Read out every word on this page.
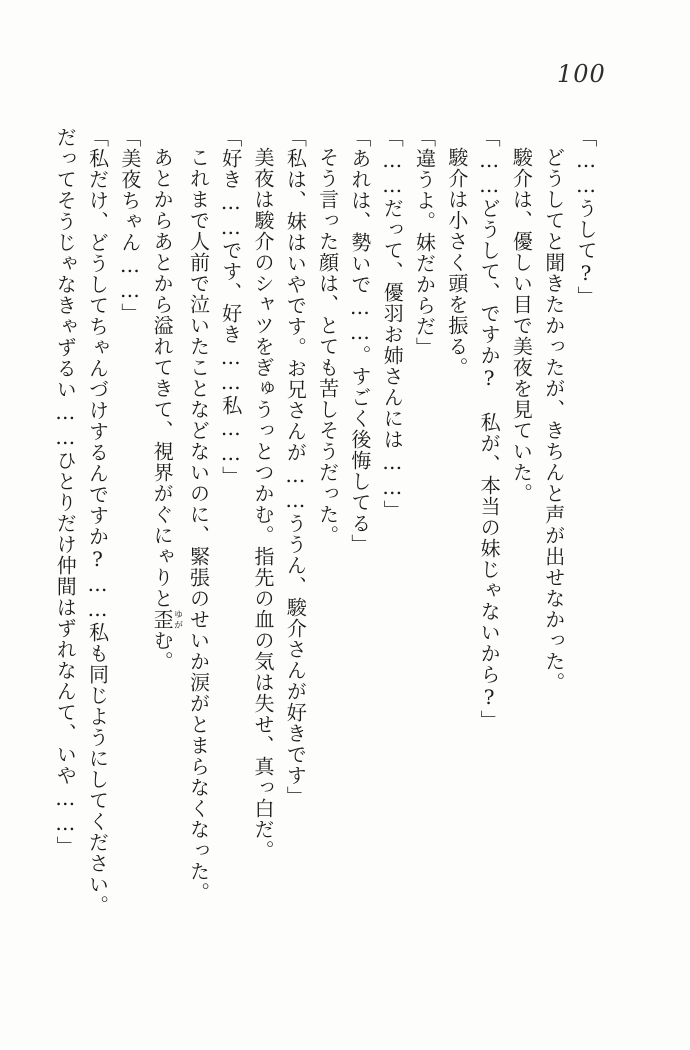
100

「……うして?」

どうしてと聞きたかったが、きちんと声が出せなかった。

駿介は、優しい目で美夜を見ていた。

「……どうして、ですか?　私が、本当の妹じゃないから?」

駿介は小さく頭を振る。

「違うよ。妹だからだ」

「……だって、優羽お姉さんには……」

「あれは、勢いで……。すごく後悔してる」

そう言った顔は、とても苦しそうだった。

「私は、妹はいやです。お兄さんが……ううん、駿介さんが好きです」

美夜は駿介のシャツをぎゅうっとつかむ。指先の血の気は失せ、真っ白だ。

「好き……です、好き……私……」

これまで人前で泣いたことなどないのに、緊張のせいか涙がとまらなくなった。

あとからあとから溢れてきて、視界がぐにゃりと歪ゆがむ。

「美夜ちゃん……」

「私だけ、どうしてちゃんづけするんですか?……私も同じようにしてください。だってそうじゃなきゃずるい……ひとりだけ仲間はずれなんて、いや……」
